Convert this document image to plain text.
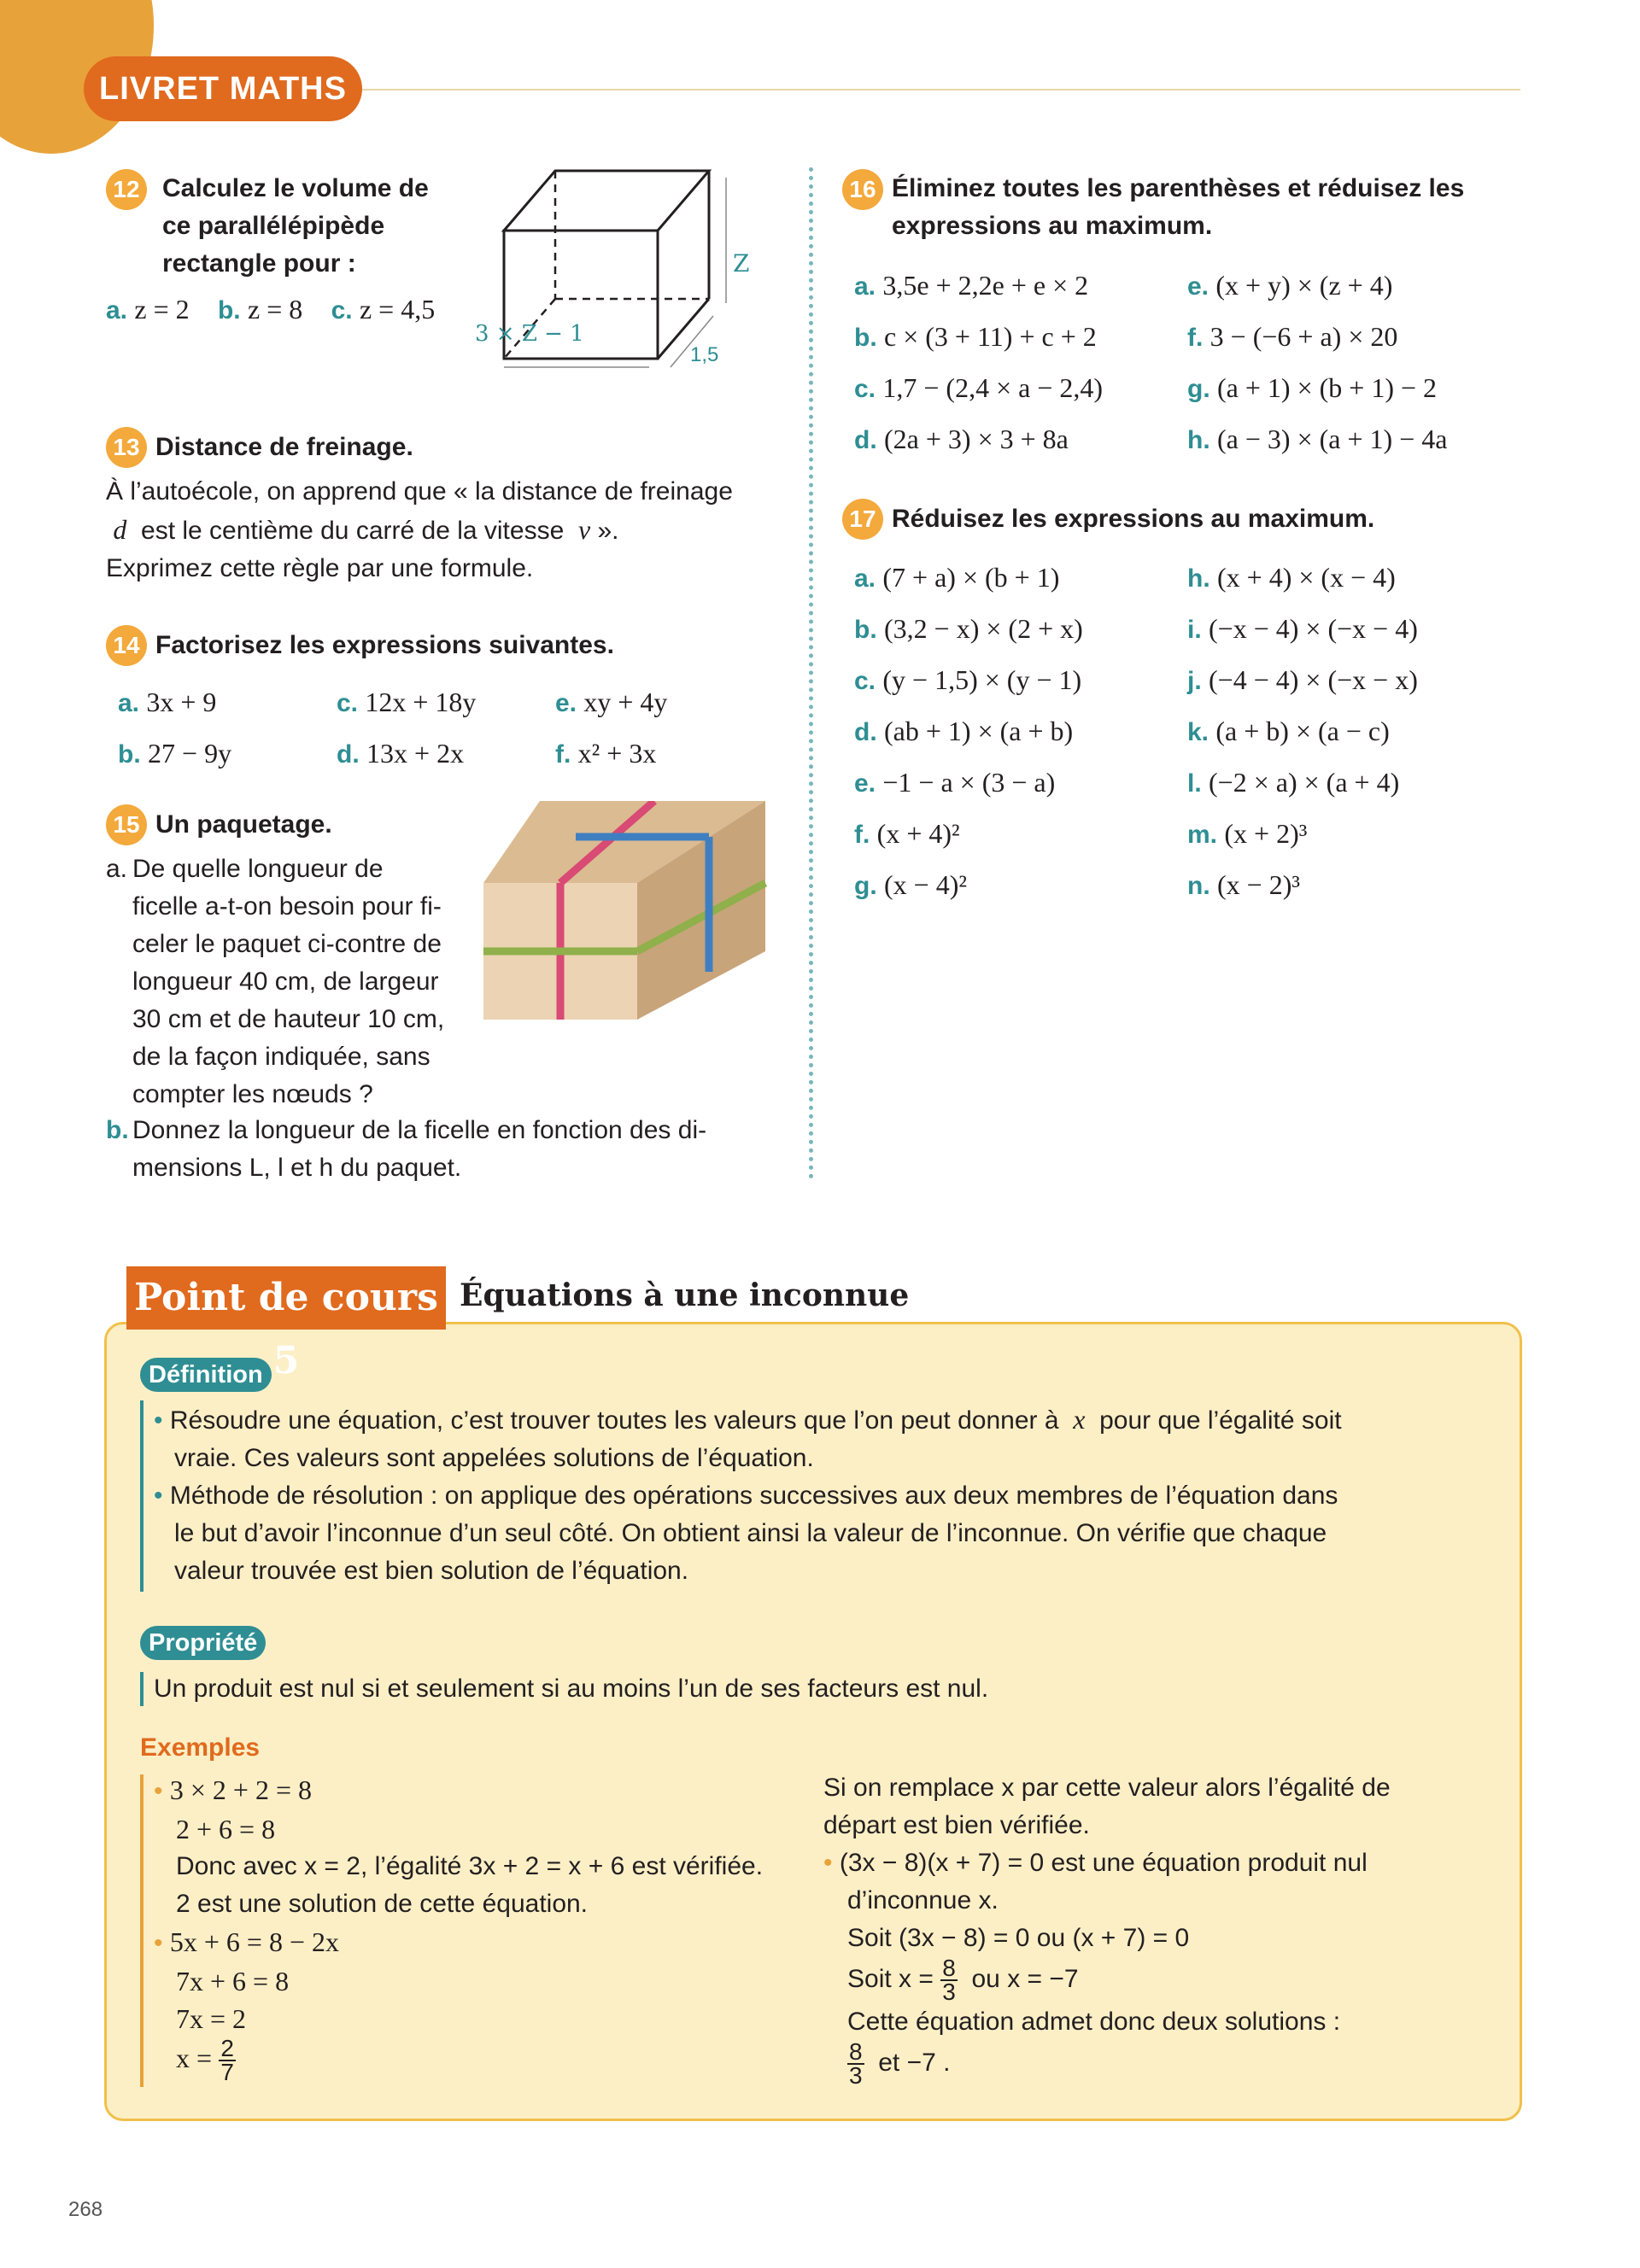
LIVRET MATHS
12 Calculez le volume de
ce parallélépipède
rectangle pour :
a. z = 2 b. z = 8 c. z = 4,5
Z
3 × Z − 1
1,5
13 Distance de freinage.
À l’autoécole, on apprend que « la distance de freinage
d est le centième du carré de la vitesse v ».
Exprimez cette règle par une formule.
14 Factorisez les expressions suivantes.
a. 3x + 9
b. 27 − 9y
c. 12x + 18y
d. 13x + 2x
e. xy + 4y
f. x² + 3x
15 Un paquetage.
a. De quelle longueur de
ficelle a-t-on besoin pour fi-
celer le paquet ci-contre de
longueur 40 cm, de largeur
30 cm et de hauteur 10 cm,
de la façon indiquée, sans
compter les nœuds ?
b. Donnez la longueur de la ficelle en fonction des di-
mensions L, l et h du paquet.
16 Éliminez toutes les parenthèses et réduisez les
expressions au maximum.
a. 3,5e + 2,2e + e × 2
b. c × (3 + 11) + c + 2
c. 1,7 − (2,4 × a − 2,4)
d. (2a + 3) × 3 + 8a
e. (x + y) × (z + 4)
f. 3 − (−6 + a) × 20
g. (a + 1) × (b + 1) − 2
h. (a − 3) × (a + 1) − 4a
17 Réduisez les expressions au maximum.
a. (7 + a) × (b + 1)
b. (3,2 − x) × (2 + x)
c. (y − 1,5) × (y − 1)
d. (ab + 1) × (a + b)
e. −1 − a × (3 − a)
f. (x + 4)²
g. (x − 4)²
h. (x + 4) × (x − 4)
i. (−x − 4) × (−x − 4)
j. (−4 − 4) × (−x − x)
k. (a + b) × (a − c)
l. (−2 × a) × (a + 4)
m. (x + 2)³
n. (x − 2)³
Point de cours 5
Équations à une inconnue
Définition
• Résoudre une équation, c’est trouver toutes les valeurs que l’on peut donner à x pour que l’égalité soit
vraie. Ces valeurs sont appelées solutions de l’équation.
• Méthode de résolution : on applique des opérations successives aux deux membres de l’équation dans
le but d’avoir l’inconnue d’un seul côté. On obtient ainsi la valeur de l’inconnue. On vérifie que chaque
valeur trouvée est bien solution de l’équation.
Propriété
Un produit est nul si et seulement si au moins l’un de ses facteurs est nul.
Exemples
• 3 × 2 + 2 = 8
2 + 6 = 8
Donc avec x = 2, l’égalité 3x + 2 = x + 6 est vérifiée.
2 est une solution de cette équation.
• 5x + 6 = 8 − 2x
7x + 6 = 8
7x = 2
$x = \frac{2}{7}$
Si on remplace x par cette valeur alors l’égalité de
départ est bien vérifiée.
• (3x − 8)(x + 7) = 0 est une équation produit nul
d’inconnue x.
Soit (3x − 8) = 0 ou (x + 7) = 0
Soit $x = \frac{8}{3}$ ou x = −7
Cette équation admet donc deux solutions :
$\frac{8}{3}$ et −7 .
268
